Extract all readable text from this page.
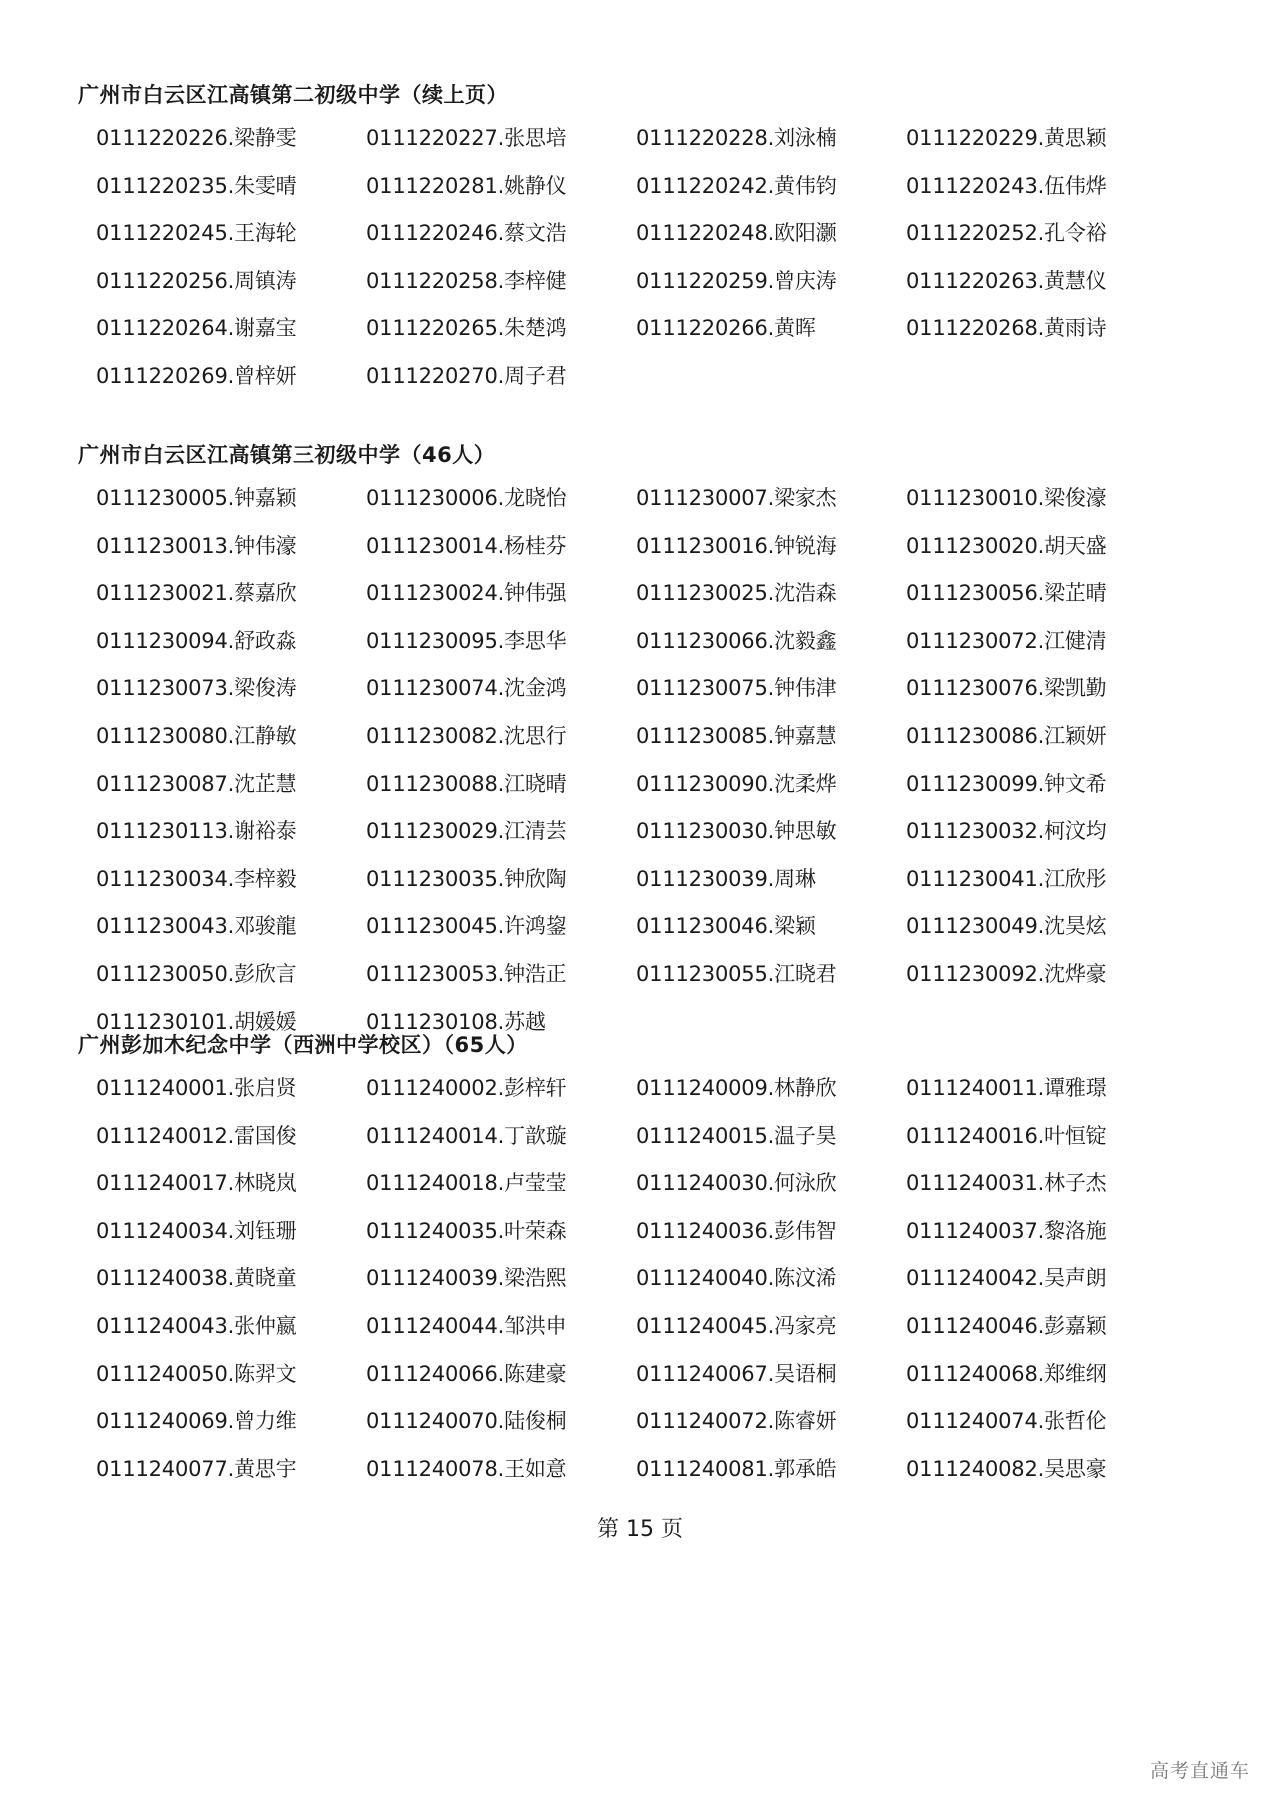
广州市白云区江高镇第二初级中学（续上页）
0111220226.梁静雯	0111220227.张思培	0111220228.刘泳楠	0111220229.黄思颖
0111220235.朱雯晴	0111220281.姚静仪	0111220242.黄伟钧	0111220243.伍伟烨
0111220245.王海轮	0111220246.蔡文浩	0111220248.欧阳灏	0111220252.孔令裕
0111220256.周镇涛	0111220258.李梓健	0111220259.曾庆涛	0111220263.黄慧仪
0111220264.谢嘉宝	0111220265.朱楚鸿	0111220266.黄晖	0111220268.黄雨诗
0111220269.曾梓妍	0111220270.周子君
广州市白云区江高镇第三初级中学（46人）
0111230005.钟嘉颖	0111230006.龙晓怡	0111230007.梁家杰	0111230010.梁俊濠
0111230013.钟伟濠	0111230014.杨桂芬	0111230016.钟锐海	0111230020.胡天盛
0111230021.蔡嘉欣	0111230024.钟伟强	0111230025.沈浩森	0111230056.梁芷晴
0111230094.舒政淼	0111230095.李思华	0111230066.沈毅鑫	0111230072.江健清
0111230073.梁俊涛	0111230074.沈金鸿	0111230075.钟伟津	0111230076.梁凯勤
0111230080.江静敏	0111230082.沈思行	0111230085.钟嘉慧	0111230086.江颖妍
0111230087.沈芷慧	0111230088.江晓晴	0111230090.沈柔烨	0111230099.钟文希
0111230113.谢裕泰	0111230029.江清芸	0111230030.钟思敏	0111230032.柯汶均
0111230034.李梓毅	0111230035.钟欣陶	0111230039.周琳	0111230041.江欣彤
0111230043.邓骏龍	0111230045.许鸿鋆	0111230046.梁颖	0111230049.沈昊炫
0111230050.彭欣言	0111230053.钟浩正	0111230055.江晓君	0111230092.沈烨豪
0111230101.胡媛媛	0111230108.苏越
广州彭加木纪念中学（西洲中学校区）（65人）
0111240001.张启贤	0111240002.彭梓轩	0111240009.林静欣	0111240011.谭雅璟
0111240012.雷国俊	0111240014.丁歆璇	0111240015.温子昊	0111240016.叶恒锭
0111240017.林晓岚	0111240018.卢莹莹	0111240030.何泳欣	0111240031.林子杰
0111240034.刘钰珊	0111240035.叶荣森	0111240036.彭伟智	0111240037.黎洛施
0111240038.黄晓童	0111240039.梁浩熙	0111240040.陈汶浠	0111240042.吴声朗
0111240043.张仲嬴	0111240044.邹洪申	0111240045.冯家亮	0111240046.彭嘉颖
0111240050.陈羿文	0111240066.陈建豪	0111240067.吴语桐	0111240068.郑维纲
0111240069.曾力维	0111240070.陆俊桐	0111240072.陈睿妍	0111240074.张哲伦
0111240077.黄思宇	0111240078.王如意	0111240081.郭承皓	0111240082.吴思豪
第 15 页
高考直通车
